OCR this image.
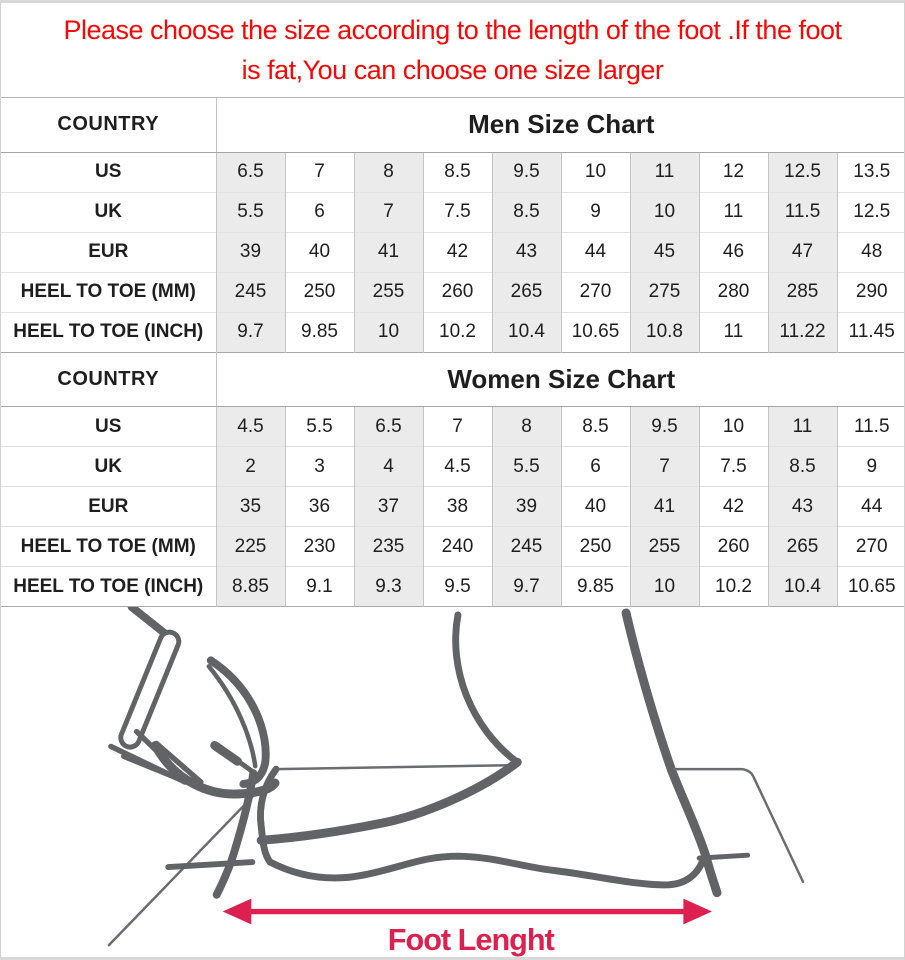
Please choose the size according to the length of the foot .If the foot
is fat,You can choose one size larger
COUNTRY	Men Size Chart									
US	6.5	7	8	8.5	9.5	10	11	12	12.5	13.5
UK	5.5	6	7	7.5	8.5	9	10	11	11.5	12.5
EUR	39	40	41	42	43	44	45	46	47	48
HEEL TO TOE (MM)	245	250	255	260	265	270	275	280	285	290
HEEL TO TOE (INCH)	9.7	9.85	10	10.2	10.4	10.65	10.8	11	11.22	11.45
COUNTRY	Women Size Chart									
US	4.5	5.5	6.5	7	8	8.5	9.5	10	11	11.5
UK	2	3	4	4.5	5.5	6	7	7.5	8.5	9
EUR	35	36	37	38	39	40	41	42	43	44
HEEL TO TOE (MM)	225	230	235	240	245	250	255	260	265	270
HEEL TO TOE (INCH)	8.85	9.1	9.3	9.5	9.7	9.85	10	10.2	10.4	10.65
Foot Lenght
